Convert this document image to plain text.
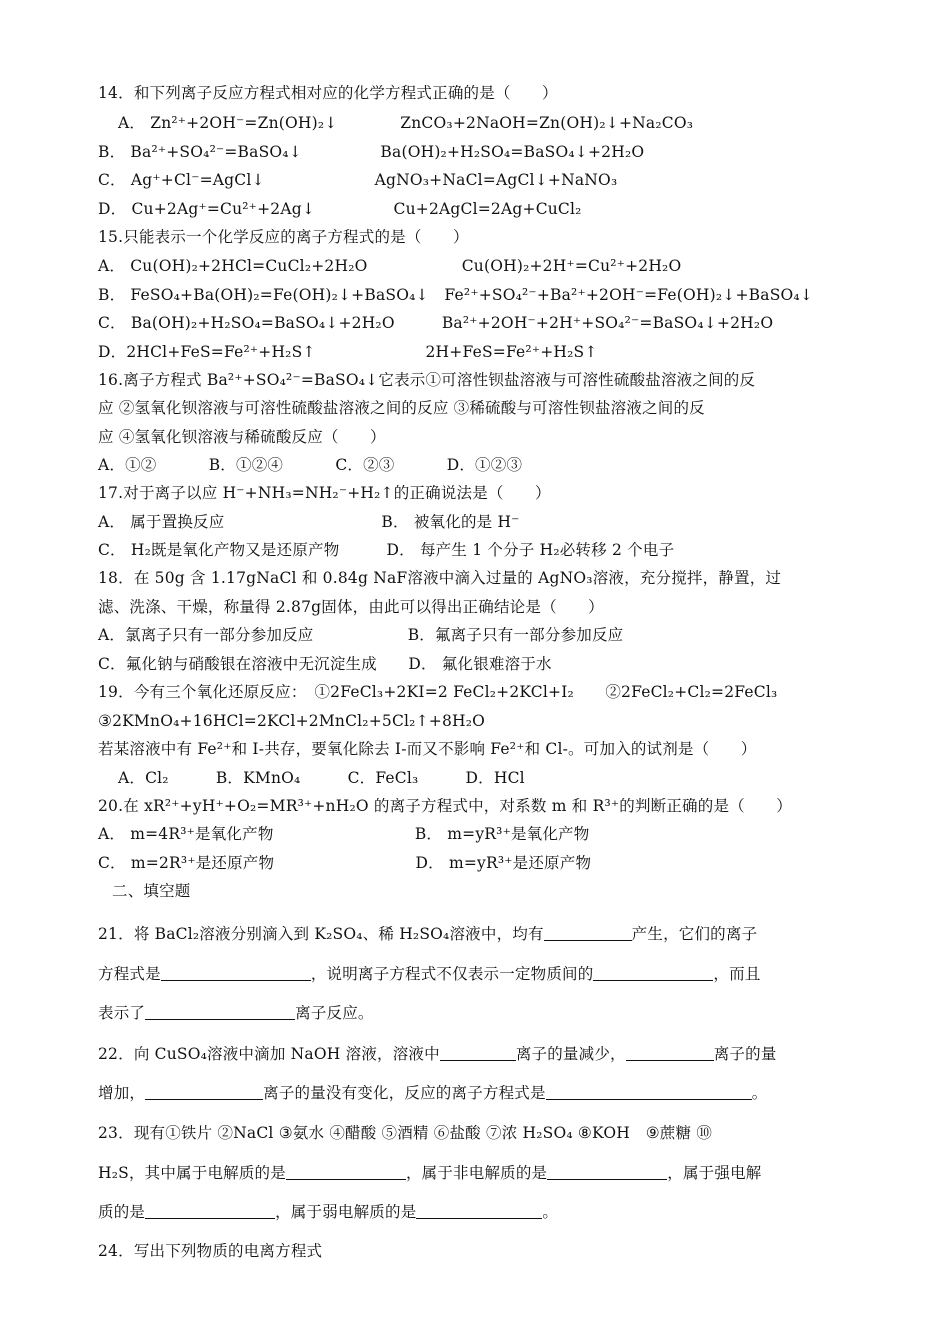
14．和下列离子反应方程式相对应的化学方程式正确的是（　　）
A． Zn²⁺+2OH⁻=Zn(OH)₂↓　　　　ZnCO₃+2NaOH=Zn(OH)₂↓+Na₂CO₃
B． Ba²⁺+SO₄²⁻=BaSO₄↓　　　　　Ba(OH)₂+H₂SO₄=BaSO₄↓+2H₂O
C． Ag⁺+Cl⁻=AgCl↓　　　　　　　AgNO₃+NaCl=AgCl↓+NaNO₃
D． Cu+2Ag⁺=Cu²⁺+2Ag↓　　　　　Cu+2AgCl=2Ag+CuCl₂
15.只能表示一个化学反应的离子方程式的是（　　）
A． Cu(OH)₂+2HCl=CuCl₂+2H₂O　　　　　　Cu(OH)₂+2H⁺=Cu²⁺+2H₂O
B． FeSO₄+Ba(OH)₂=Fe(OH)₂↓+BaSO₄↓　Fe²⁺+SO₄²⁻+Ba²⁺+2OH⁻=Fe(OH)₂↓+BaSO₄↓
C． Ba(OH)₂+H₂SO₄=BaSO₄↓+2H₂O　　　Ba²⁺+2OH⁻+2H⁺+SO₄²⁻=BaSO₄↓+2H₂O
D．2HCl+FeS=Fe²⁺+H₂S↑　　　　　　　2H+FeS=Fe²⁺+H₂S↑
16.离子方程式 Ba²⁺+SO₄²⁻=BaSO₄↓它表示①可溶性钡盐溶液与可溶性硫酸盐溶液之间的反
应 ②氢氧化钡溶液与可溶性硫酸盐溶液之间的反应 ③稀硫酸与可溶性钡盐溶液之间的反
应 ④氢氧化钡溶液与稀硫酸反应（　　）
A．①②　　　 B．①②④　　　 C．②③　　　 D．①②③
17.对于离子以应 H⁻+NH₃=NH₂⁻+H₂↑的正确说法是（　　）
A． 属于置换反应　　　　　　　　　　B． 被氧化的是 H⁻
C． H₂既是氧化产物又是还原产物　　　D． 每产生 1 个分子 H₂必转移 2 个电子
18．在 50g 含 1.17gNaCl 和 0.84g NaF溶液中滴入过量的 AgNO₃溶液，充分搅拌，静置，过
滤、洗涤、干燥，称量得 2.87g固体，由此可以得出正确结论是（　　）
A．氯离子只有一部分参加反应　　　　　　B．氟离子只有一部分参加反应
C．氟化钠与硝酸银在溶液中无沉淀生成　　D． 氟化银难溶于水
19．今有三个氧化还原反应：　①2FeCl₃+2KI=2 FeCl₂+2KCl+I₂　　②2FeCl₂+Cl₂=2FeCl₃
③2KMnO₄+16HCl=2KCl+2MnCl₂+5Cl₂↑+8H₂O
若某溶液中有 Fe²⁺和 I-共存，要氧化除去 I-而又不影响 Fe²⁺和 Cl-。可加入的试剂是（　　）
A．Cl₂　　　B．KMnO₄　　　C．FeCl₃　　　D．HCl
20.在 xR²⁺+yH⁺+O₂=MR³⁺+nH₂O 的离子方程式中，对系数 m 和 R³⁺的判断正确的是（　　）
A． m=4R³⁺是氧化产物　　　　　　　　　B． m=yR³⁺是氧化产物
C． m=2R³⁺是还原产物　　　　　　　　　D． m=yR³⁺是还原产物
二、填空题
21．将 BaCl₂溶液分别滴入到 K₂SO₄、稀 H₂SO₄溶液中，均有	产生，它们的离子
方程式是	，说明离子方程式不仅表示一定物质间的	，而且
表示了	离子反应。
22．向 CuSO₄溶液中滴加 NaOH 溶液，溶液中	离子的量减少，	离子的量
增加，	离子的量没有变化，反应的离子方程式是	。
23．现有①铁片 ②NaCl ③氨水 ④醋酸 ⑤酒精 ⑥盐酸 ⑦浓 H₂SO₄ ⑧KOH　⑨蔗糖 ⑩
H₂S，其中属于电解质的是	，属于非电解质的是	，属于强电解
质的是	，属于弱电解质的是	。
24．写出下列物质的电离方程式
